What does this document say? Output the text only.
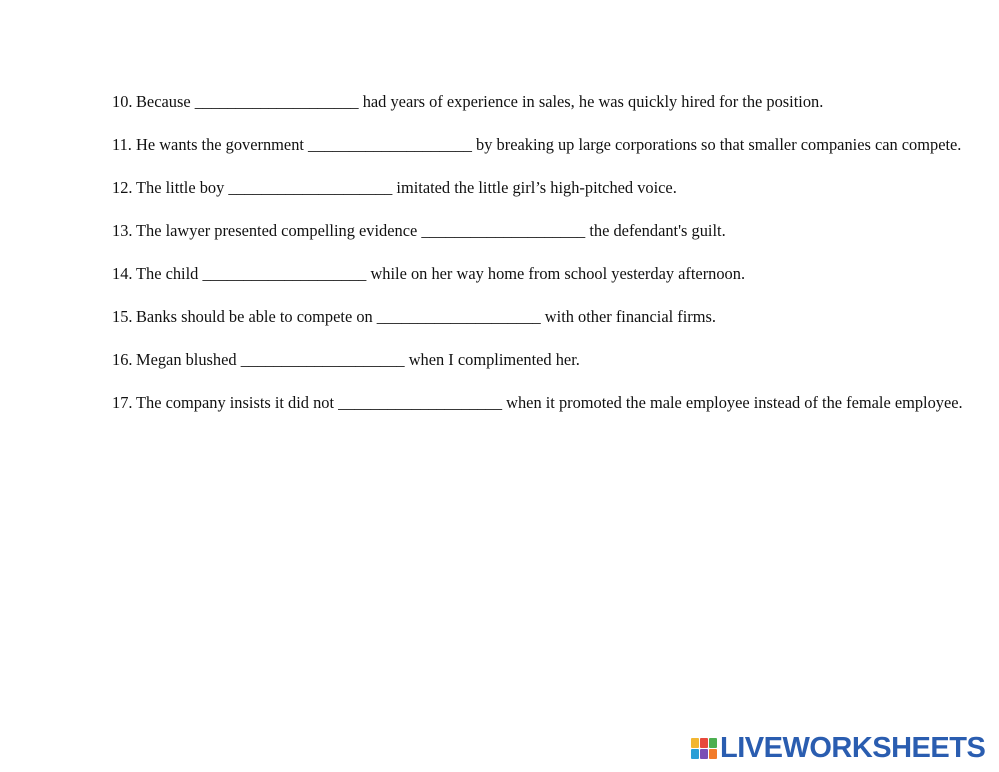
10. Because ____________________ had years of experience in sales, he was quickly hired for the position.
11. He wants the government ____________________ by breaking up large corporations so that smaller companies can compete.
12. The little boy ____________________ imitated the little girl’s high-pitched voice.
13. The lawyer presented compelling evidence ____________________ the defendant's guilt.
14. The child ____________________ while on her way home from school yesterday afternoon.
15. Banks should be able to compete on ____________________ with other financial firms.
16. Megan blushed ____________________ when I complimented her.
17. The company insists it did not ____________________ when it promoted the male employee instead of the female employee.
LIVEWORKSHEETS
